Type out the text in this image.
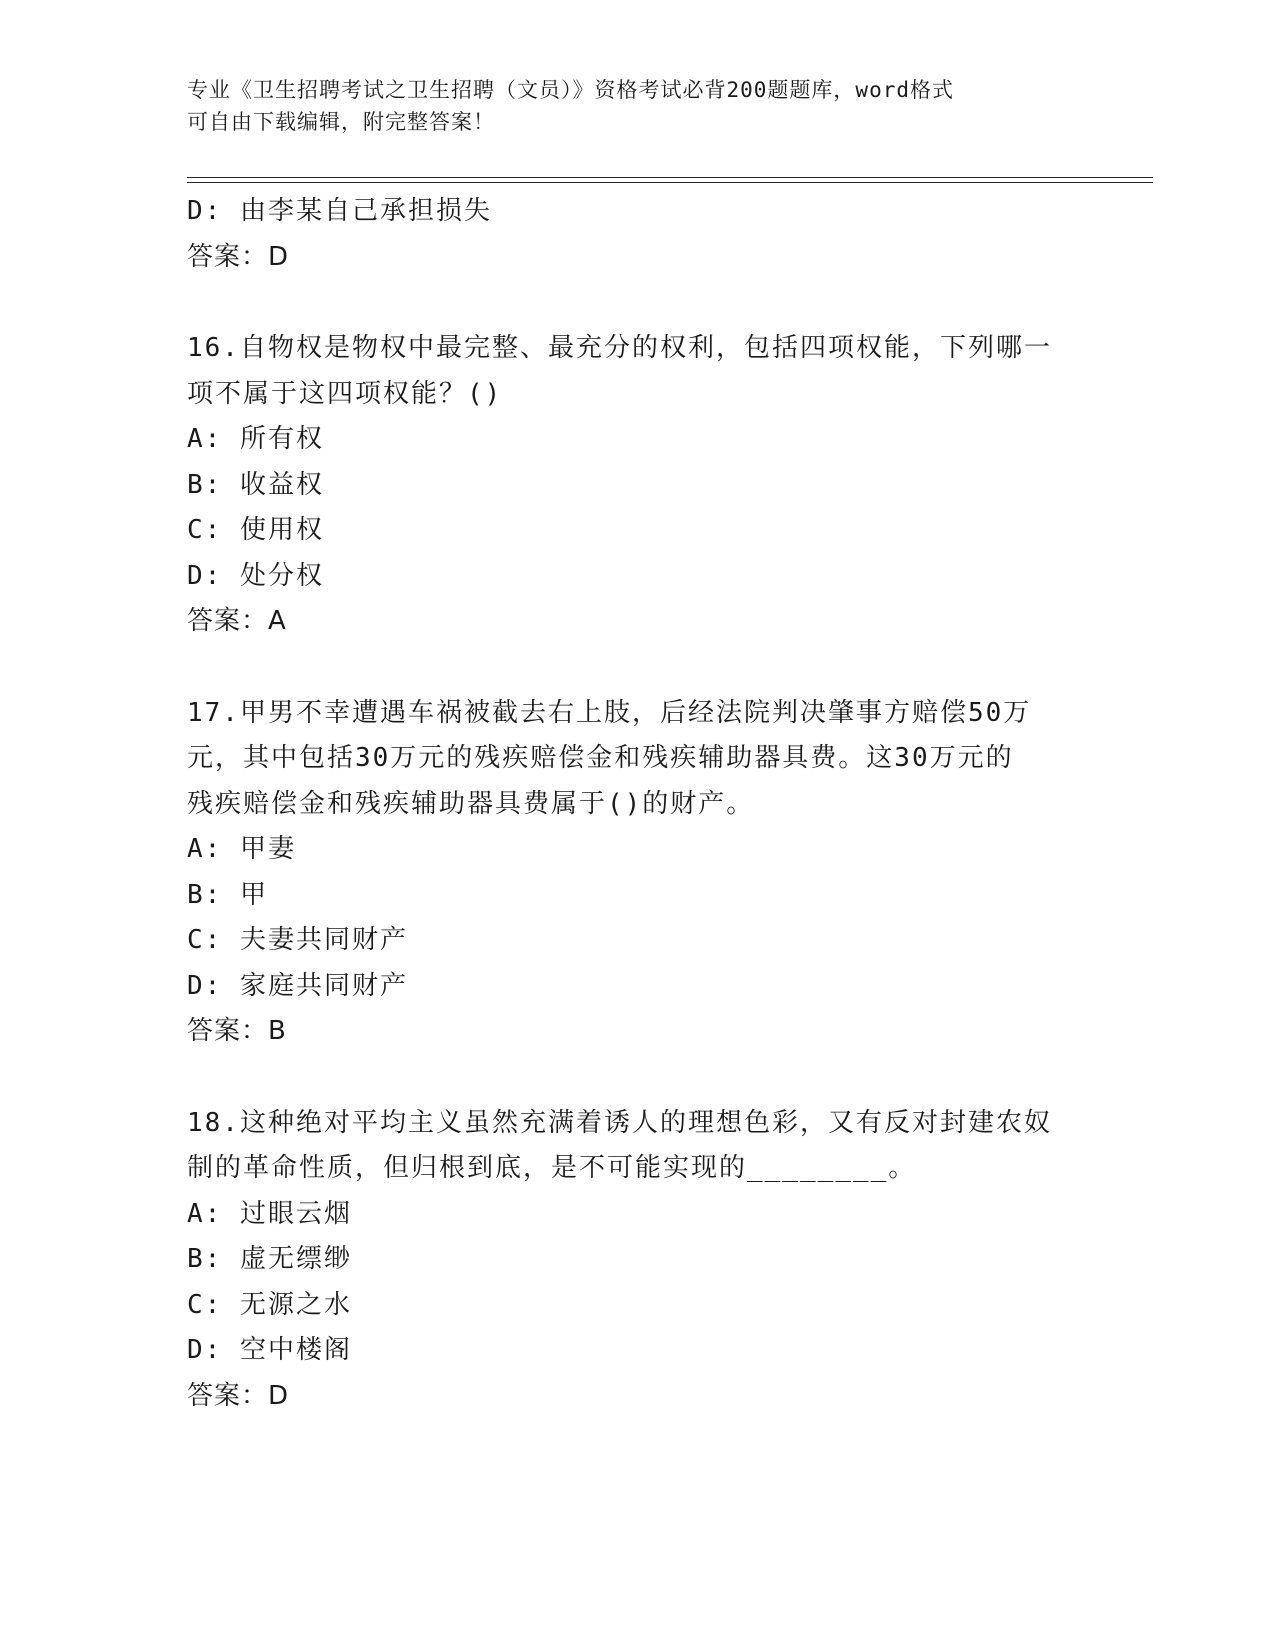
专业《卫生招聘考试之卫生招聘（文员）》资格考试必背200题题库，word格式
可自由下载编辑，附完整答案！
D: 由李某自己承担损失
答案：D
16.自物权是物权中最完整、最充分的权利，包括四项权能，下列哪一
项不属于这四项权能？()
A: 所有权
B: 收益权
C: 使用权
D: 处分权
答案：A
17.甲男不幸遭遇车祸被截去右上肢，后经法院判决肇事方赔偿50万
元，其中包括30万元的残疾赔偿金和残疾辅助器具费。这30万元的
残疾赔偿金和残疾辅助器具费属于()的财产。
A: 甲妻
B: 甲
C: 夫妻共同财产
D: 家庭共同财产
答案：B
18.这种绝对平均主义虽然充满着诱人的理想色彩，又有反对封建农奴
制的革命性质，但归根到底，是不可能实现的________。
A: 过眼云烟
B: 虚无缥缈
C: 无源之水
D: 空中楼阁
答案：D
